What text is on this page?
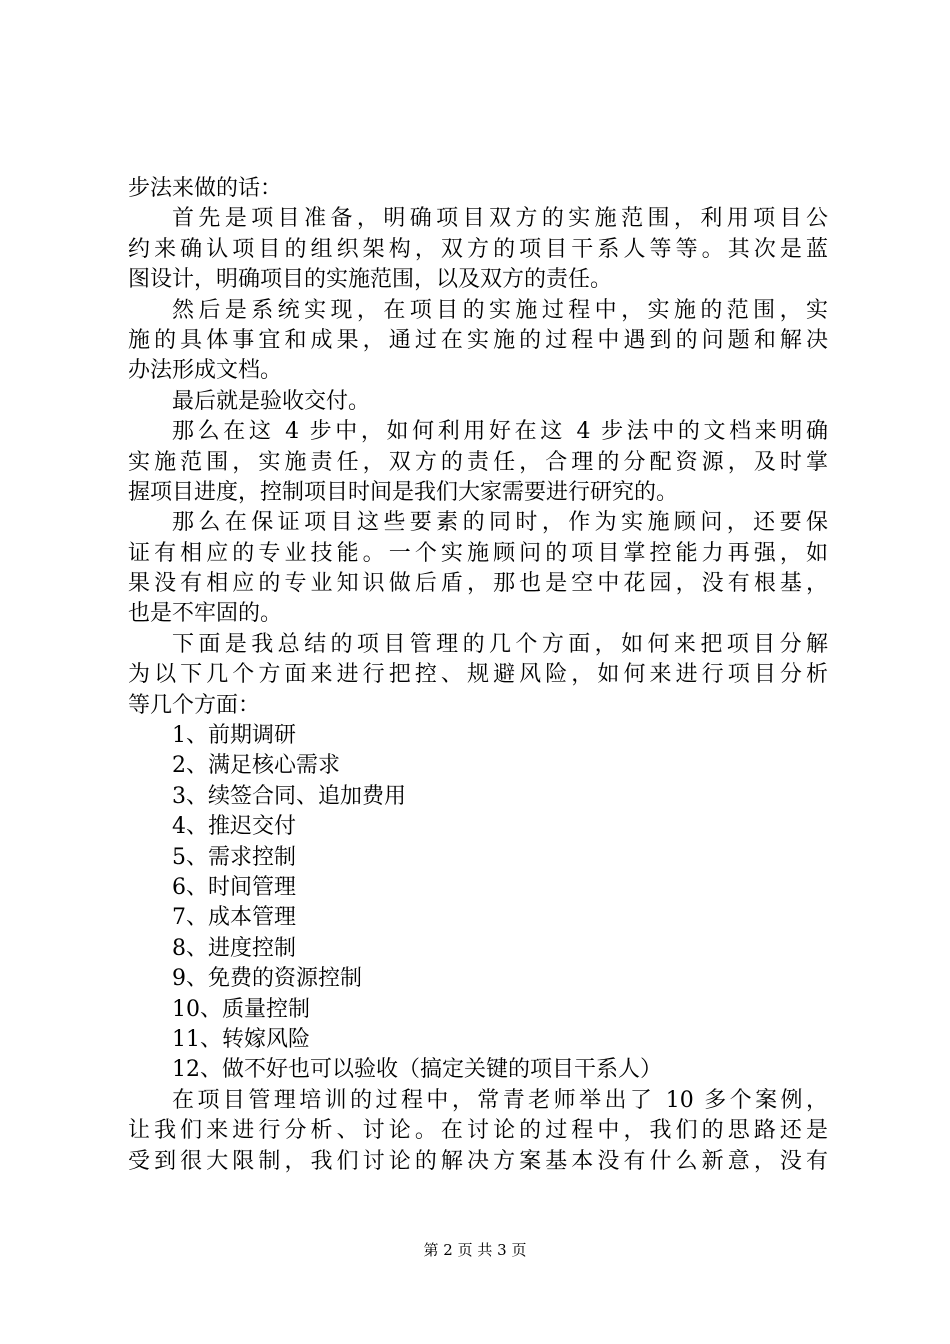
步法来做的话：
首先是项目准备，明确项目双方的实施范围，利用项目公
约来确认项目的组织架构，双方的项目干系人等等。其次是蓝
图设计，明确项目的实施范围，以及双方的责任。
然后是系统实现，在项目的实施过程中，实施的范围，实
施的具体事宜和成果，通过在实施的过程中遇到的问题和解决
办法形成文档。
最后就是验收交付。
那么在这 4 步中，如何利用好在这 4 步法中的文档来明确
实施范围，实施责任，双方的责任，合理的分配资源，及时掌
握项目进度，控制项目时间是我们大家需要进行研究的。
那么在保证项目这些要素的同时，作为实施顾问，还要保
证有相应的专业技能。一个实施顾问的项目掌控能力再强，如
果没有相应的专业知识做后盾，那也是空中花园，没有根基，
也是不牢固的。
下面是我总结的项目管理的几个方面，如何来把项目分解
为以下几个方面来进行把控、规避风险，如何来进行项目分析
等几个方面：
1、前期调研
2、满足核心需求
3、续签合同、追加费用
4、推迟交付
5、需求控制
6、时间管理
7、成本管理
8、进度控制
9、免费的资源控制
10、质量控制
11、转嫁风险
12、做不好也可以验收（搞定关键的项目干系人）
在项目管理培训的过程中，常青老师举出了 10 多个案例，
让我们来进行分析、讨论。在讨论的过程中，我们的思路还是
受到很大限制，我们讨论的解决方案基本没有什么新意，没有
第 2 页 共 3 页
